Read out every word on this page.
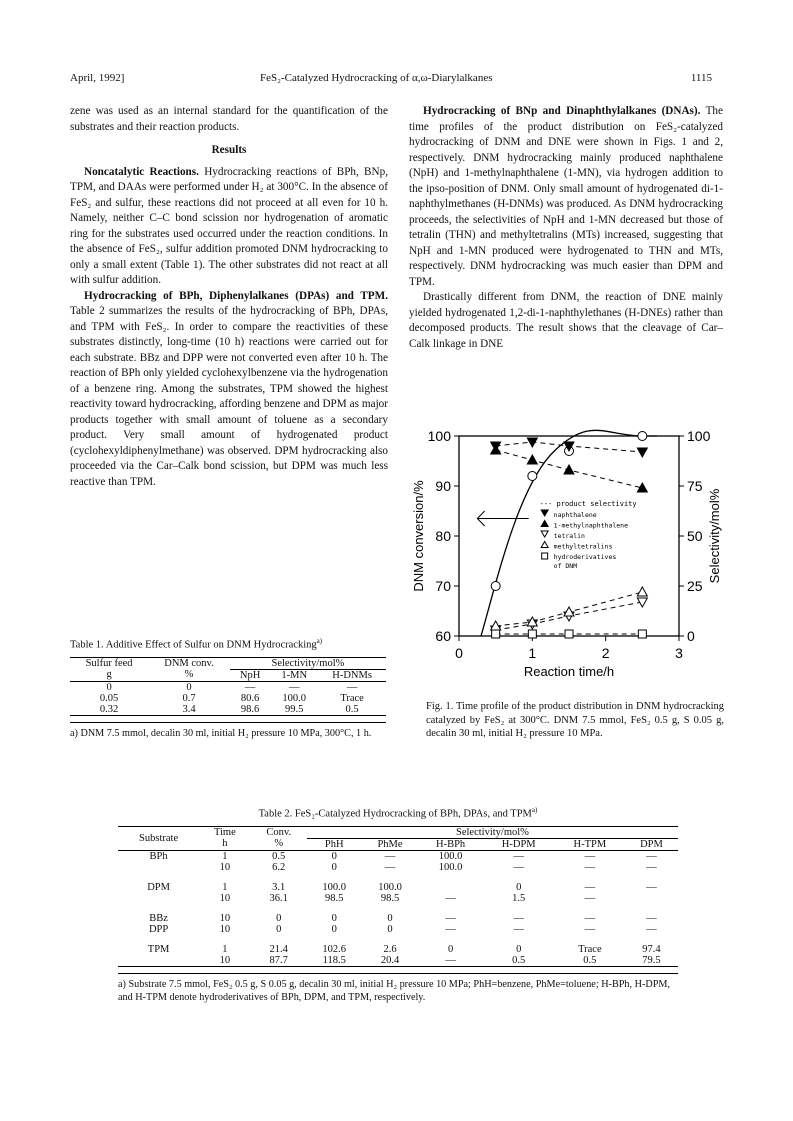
April, 1992]	FeS₂-Catalyzed Hydrocracking of α,ω-Diarylalkanes	1115

zene was used as an internal standard for the quantification of the substrates and their reaction products.

Results

Noncatalytic Reactions. Hydrocracking reactions of BPh, BNp, TPM, and DAAs were performed under H₂ at 300°C. In the absence of FeS₂ and sulfur, these reactions did not proceed at all even for 10 h. Namely, neither C–C bond scission nor hydrogenation of aromatic ring for the substrates used occurred under the reaction conditions. In the absence of FeS₂, sulfur addition promoted DNM hydrocracking to only a small extent (Table 1). The other substrates did not react at all with sulfur addition.

Hydrocracking of BPh, Diphenylalkanes (DPAs) and TPM. Table 2 summarizes the results of the hydrocracking of BPh, DPAs, and TPM with FeS₂. In order to compare the reactivities of these substrates distinctly, long-time (10 h) reactions were carried out for each substrate. BBz and DPP were not converted even after 10 h. The reaction of BPh only yielded cyclohexylbenzene via the hydrogenation of a benzene ring. Among the substrates, TPM showed the highest reactivity toward hydrocracking, affording benzene and DPM as major products together with small amount of toluene as a secondary product. Very small amount of hydrogenated product (cyclohexyldiphenylmethane) was observed. DPM hydrocracking also proceeded via the Car–Calk bond scission, but DPM was much less reactive than TPM.

Hydrocracking of BNp and Dinaphthylalkanes (DNAs). The time profiles of the product distribution on FeS₂-catalyzed hydrocracking of DNM and DNE were shown in Figs. 1 and 2, respectively. DNM hydrocracking mainly produced naphthalene (NpH) and 1-methylnaphthalene (1-MN), via hydrogen addition to the ipso-position of DNM. Only small amount of hydrogenated di-1-naphthylmethanes (H-DNMs) was produced. As DNM hydrocracking proceeds, the selectivities of NpH and 1-MN decreased but those of tetralin (THN) and methyltetralins (MTs) increased, suggesting that NpH and 1-MN produced were hydrogenated to THN and MTs, respectively. DNM hydrocracking was much easier than DPM and TPM.

Drastically different from DNM, the reaction of DNE mainly yielded hydrogenated 1,2-di-1-naphthylethanes (H-DNEs) rather than decomposed products. The result shows that the cleavage of Car–Calk linkage in DNE

0	1	2	3
60
70
80
90
100
0
25
50
75
100
Reaction time/h
DNM conversion/%	Selectivity/mol%
--- product selectivity
naphthalene
1-methylnaphthalene
tetralin
methyltetralins
hydroderivatives
of DNM
Fig. 1. Time profile of the product distribution in DNM hydrocracking catalyzed by FeS₂ at 300°C. DNM 7.5 mmol, FeS₂ 0.5 g, S 0.05 g, decalin 30 ml, initial H₂ pressure 10 MPa.
Table 1. Additive Effect of Sulfur on DNM Hydrocracking$^{a)}$
Sulfur feed	DNM conv.	Selectivity/mol%		
g	%	NpH	1-MN	H-DNMs
0	0	—	—	—
0.05	0.7	80.6	100.0	Trace
0.32	3.4	98.6	99.5	0.5
a) DNM 7.5 mmol, decalin 30 ml, initial H₂ pressure 10 MPa, 300°C, 1 h.
Table 2. FeS₂-Catalyzed Hydrocracking of BPh, DPAs, and TPM$^{a)}$
Substrate	Time	Conv.	Selectivity/mol%					
	h	%	PhH	PhMe	H-BPh	H-DPM	H-TPM	DPM
BPh	1	0.5	0	—	100.0	—	—	—
	10	6.2	0	—	100.0	—	—	—
DPM	1	3.1	100.0	100.0		0	—	—
	10	36.1	98.5	98.5	—	1.5	—	
BBz	10	0	0	0	—	—	—	—
DPP	10	0	0	0	—	—	—	—
TPM	1	21.4	102.6	2.6	0	0	Trace	97.4
	10	87.7	118.5	20.4	—	0.5	0.5	79.5
a) Substrate 7.5 mmol, FeS₂ 0.5 g, S 0.05 g, decalin 30 ml, initial H₂ pressure 10 MPa; PhH=benzene, PhMe=toluene; H-BPh, H-DPM, and H-TPM denote hydroderivatives of BPh, DPM, and TPM, respectively.
